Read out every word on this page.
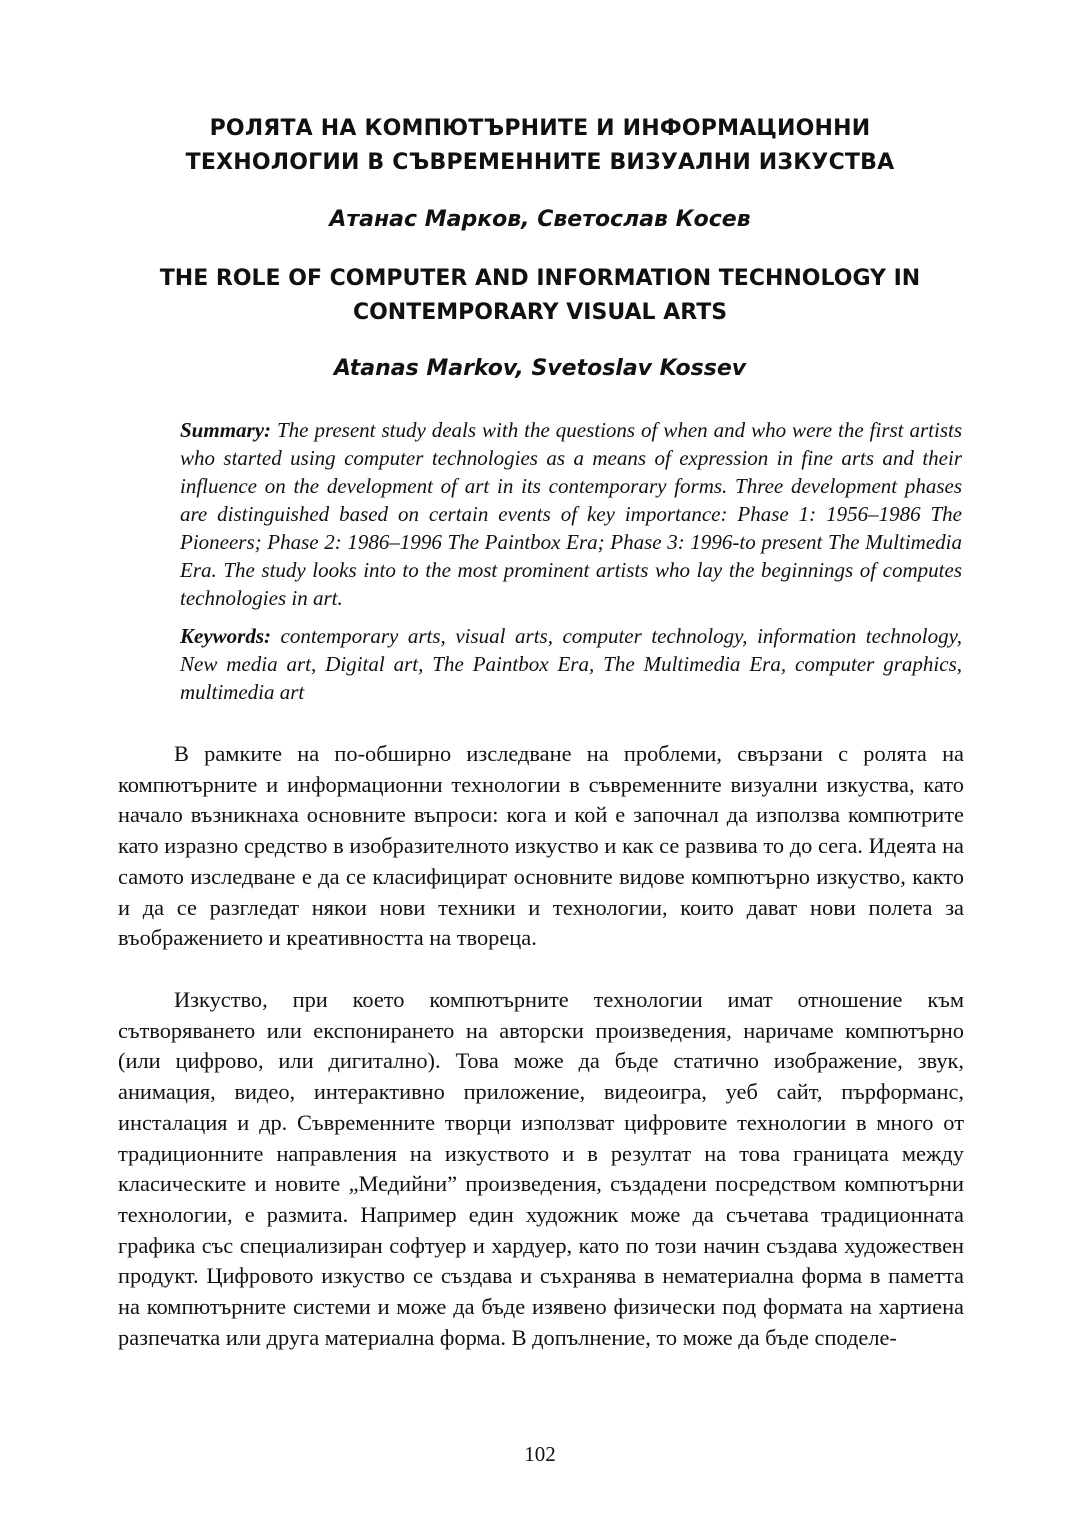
РОЛЯТА НА КОМПЮТЪРНИТЕ И ИНФОРМАЦИОННИ
ТЕХНОЛОГИИ В СЪВРЕМЕННИТЕ ВИЗУАЛНИ ИЗКУСТВА

Атанас Марков, Светослав Косев

THE ROLE OF COMPUTER AND INFORMATION TECHNOLOGY IN
CONTEMPORARY VISUAL ARTS

Atanas Markov, Svetoslav Kossev

Summary: The present study deals with the questions of when and who were the first artists who started using computer technologies as a means of expression in fine arts and their influence on the development of art in its contemporary forms. Three development phases are distinguished based on certain events of key importance: Phase 1: 1956–1986 The Pioneers; Phase 2: 1986–1996 The Paintbox Era; Phase 3: 1996-to present The Multimedia Era. The study looks into to the most prominent artists who lay the beginnings of computes technologies in art.

Keywords: contemporary arts, visual arts, computer technology, information technology, New media art, Digital art, The Paintbox Era, The Multimedia Era, computer graphics, multimedia art

В рамките на по-обширно изследване на проблеми, свързани с ролята на компютърните и информационни технологии в съвременните визуални изкуства, като начало възникнаха основните въпроси: кога и кой е започнал да използва компютрите като изразно средство в изобразителното изкуство и как се развива то до сега. Идеята на самото изследване е да се класифицират основните видове компютърно изкуство, както и да се разгледат някои нови техники и технологии, които дават нови полета за въображението и креативността на твореца.

Изкуство, при което компютърните технологии имат отношение към сътворяването или експонирането на авторски произведения, наричаме компютърно (или цифрово, или дигитално). Това може да бъде статично изображение, звук, анимация, видео, интерактивно приложение, видеоигра, уеб сайт, пърформанс, инсталация и др. Съвременните творци използват цифровите технологии в много от традиционните направления на изкуството и в резултат на това границата между класическите и новите „Медийни” произведения, създадени посредством компютърни технологии, е размита. Например един художник може да съчетава традиционната графика със специализиран софтуер и хардуер, като по този начин създава художествен продукт. Цифровото изкуство се създава и съхранява в нематериална форма в паметта на компютърните системи и може да бъде изявено физически под формата на хартиена разпечатка или друга материална форма. В допълнение, то може да бъде споделе-

102
